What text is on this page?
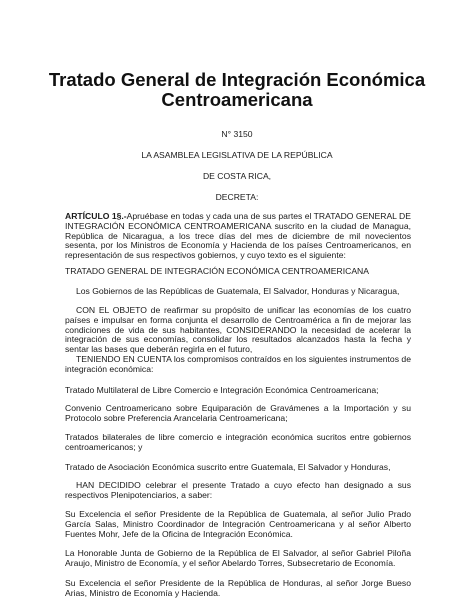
Tratado General de Integración Económica
Centroamericana
N° 3150
LA ASAMBLEA LEGISLATIVA DE LA REPÚBLICA
DE COSTA RICA,
DECRETA:
ARTÍCULO 1§.-Apruébase en todas y cada una de sus partes el TRATADO GENERAL DE INTEGRACIÓN ECONÓMICA CENTROAMERICANA suscrito en la ciudad de Managua, República de Nicaragua, a los trece días del mes de diciembre de mil novecientos sesenta, por los Ministros de Economía y Hacienda de los países Centroamericanos, en representación de sus respectivos gobiernos, y cuyo texto es el siguiente:
TRATADO GENERAL DE INTEGRACIÓN ECONÓMICA CENTROAMERICANA
Los Gobiernos de las Repúblicas de Guatemala, El Salvador, Honduras y Nicaragua,
CON EL OBJETO de reafirmar su propósito de unificar las economías de los cuatro países e impulsar en forma conjunta el desarrollo de Centroamérica a fin de mejorar las condiciones de vida de sus habitantes, CONSIDERANDO la necesidad de acelerar la integración de sus economías, consolidar los resultados alcanzados hasta la fecha y sentar las bases que deberán regirla en el futuro,
TENIENDO EN CUENTA los compromisos contraídos en los siguientes instrumentos de integración económica:
Tratado Multilateral de Libre Comercio e Integración Económica Centroamericana;
Convenio Centroamericano sobre Equiparación de Gravámenes a la Importación y su Protocolo sobre Preferencia Arancelaria Centroamericana;
Tratados bilaterales de libre comercio e integración económica sucritos entre gobiernos centroamericanos; y
Tratado de Asociación Económica suscrito entre Guatemala, El Salvador y Honduras,
HAN DECIDIDO celebrar el presente Tratado a cuyo efecto han designado a sus respectivos Plenipotenciarios, a saber:
Su Excelencia el señor Presidente de la República de Guatemala, al señor Julio Prado García Salas, Ministro Coordinador de Integración Centroamericana y al señor Alberto Fuentes Mohr, Jefe de la Oficina de Integración Económica.
La Honorable Junta de Gobierno de la República de El Salvador, al señor Gabriel Piloña Araujo, Ministro de Economía, y el señor Abelardo Torres, Subsecretario de Economía.
Su Excelencia el señor Presidente de la República de Honduras, al señor Jorge Bueso Arias, Ministro de Economía y Hacienda.
